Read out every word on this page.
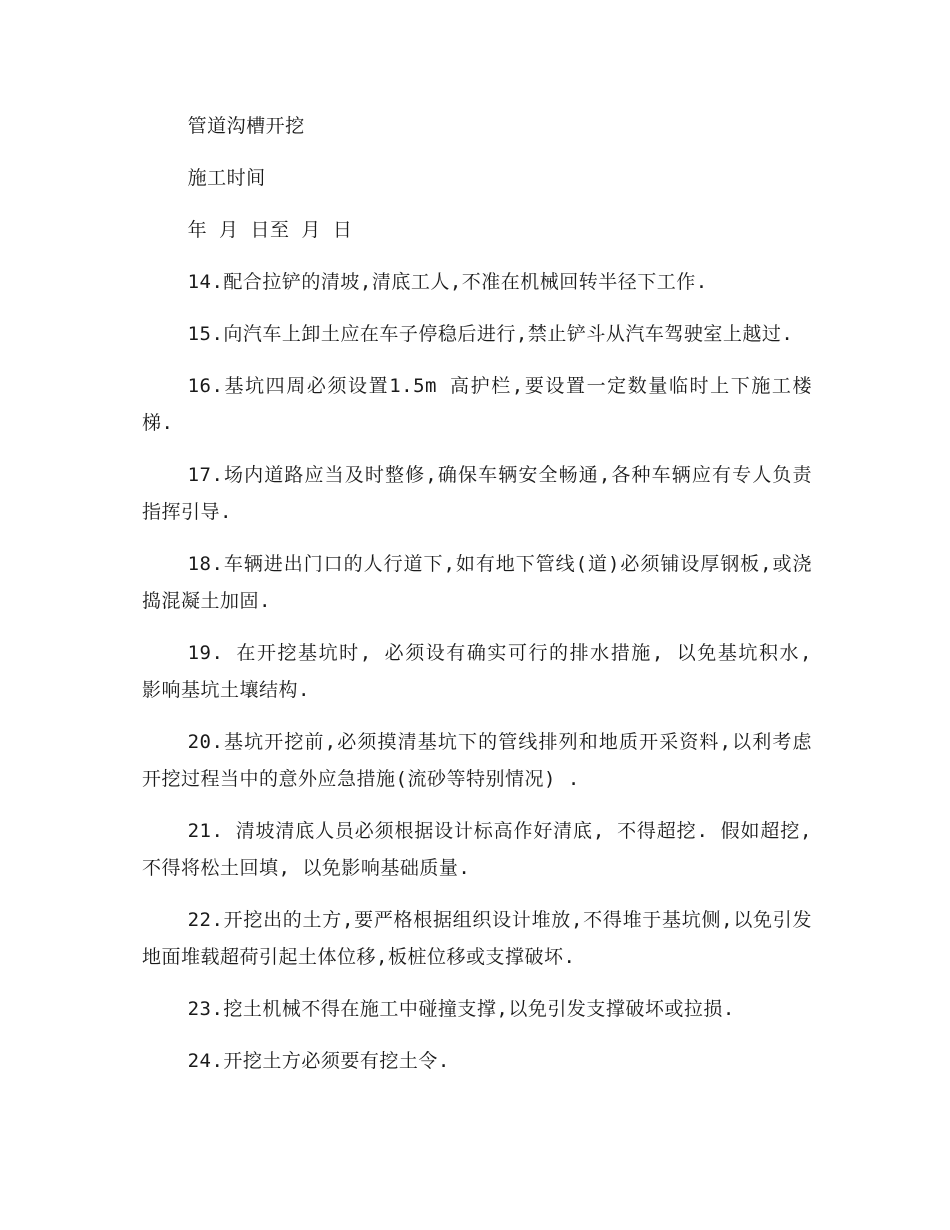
管道沟槽开挖

施工时间

年 月 日至 月 日

14.配合拉铲的清坡,清底工人,不准在机械回转半径下工作.

15.向汽车上卸土应在车子停稳后进行,禁止铲斗从汽车驾驶室上越过.

16.基坑四周必须设置1.5m 高护栏,要设置一定数量临时上下施工楼梯.

17.场内道路应当及时整修,确保车辆安全畅通,各种车辆应有专人负责指挥引导.

18.车辆进出门口的人行道下,如有地下管线(道)必须铺设厚钢板,或浇捣混凝土加固.

19. 在开挖基坑时, 必须设有确实可行的排水措施, 以免基坑积水, 影响基坑土壤结构.

20.基坑开挖前,必须摸清基坑下的管线排列和地质开采资料,以利考虑开挖过程当中的意外应急措施(流砂等特别情况) .

21. 清坡清底人员必须根据设计标高作好清底, 不得超挖. 假如超挖, 不得将松土回填, 以免影响基础质量.

22.开挖出的土方,要严格根据组织设计堆放,不得堆于基坑侧,以免引发地面堆载超荷引起土体位移,板桩位移或支撑破坏.

23.挖土机械不得在施工中碰撞支撑,以免引发支撑破坏或拉损.

24.开挖土方必须要有挖土令.
